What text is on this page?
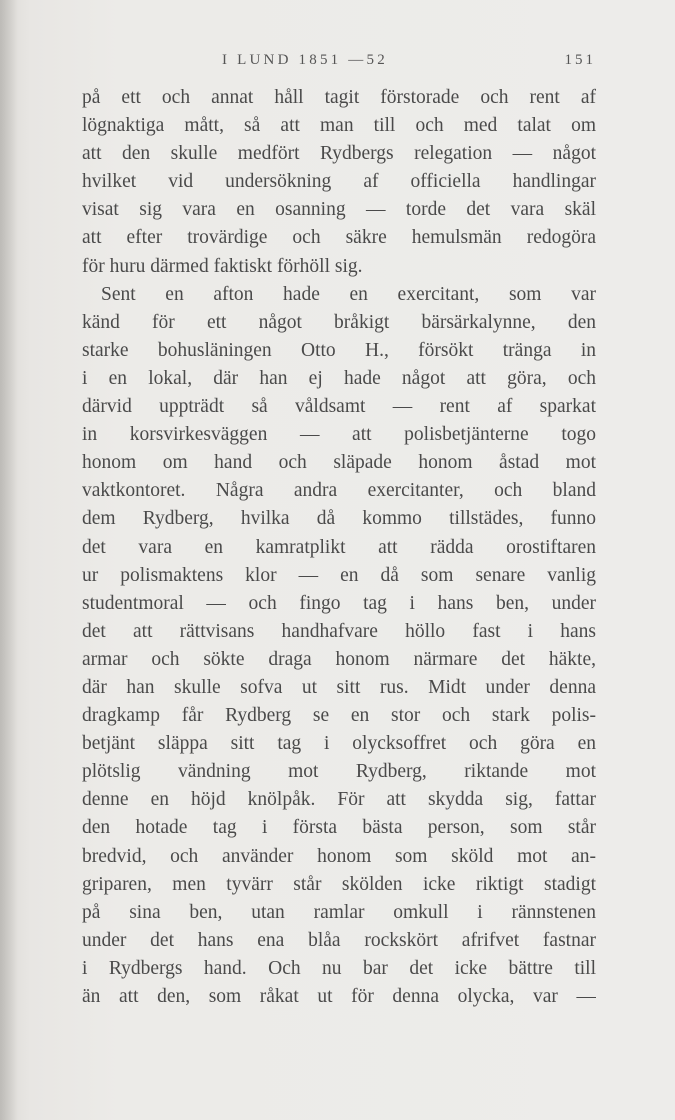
I LUND 1851 —52	151
på ett och annat håll tagit förstorade och rent af
lögnaktiga mått, så att man till och med talat om
att den skulle medfört Rydbergs relegation — något
hvilket vid undersökning af officiella handlingar
visat sig vara en osanning — torde det vara skäl
att efter trovärdige och säkre hemulsmän redogöra
för huru därmed faktiskt förhöll sig.
Sent en afton hade en exercitant, som var
känd för ett något bråkigt bärsärkalynne, den
starke bohusläningen Otto H., försökt tränga in
i en lokal, där han ej hade något att göra, och
därvid uppträdt så våldsamt — rent af sparkat
in korsvirkesväggen — att polisbetjänterne togo
honom om hand och släpade honom åstad mot
vaktkontoret. Några andra exercitanter, och bland
dem Rydberg, hvilka då kommo tillstädes, funno
det vara en kamratplikt att rädda orostiftaren
ur polismaktens klor — en då som senare vanlig
studentmoral — och fingo tag i hans ben, under
det att rättvisans handhafvare höllo fast i hans
armar och sökte draga honom närmare det häkte,
där han skulle sofva ut sitt rus. Midt under denna
dragkamp får Rydberg se en stor och stark polis-
betjänt släppa sitt tag i olycksoffret och göra en
plötslig vändning mot Rydberg, riktande mot
denne en höjd knölpåk. För att skydda sig, fattar
den hotade tag i första bästa person, som står
bredvid, och använder honom som sköld mot an-
griparen, men tyvärr står skölden icke riktigt stadigt
på sina ben, utan ramlar omkull i rännstenen
under det hans ena blåa rockskört afrifvet fastnar
i Rydbergs hand. Och nu bar det icke bättre till
än att den, som råkat ut för denna olycka, var —
